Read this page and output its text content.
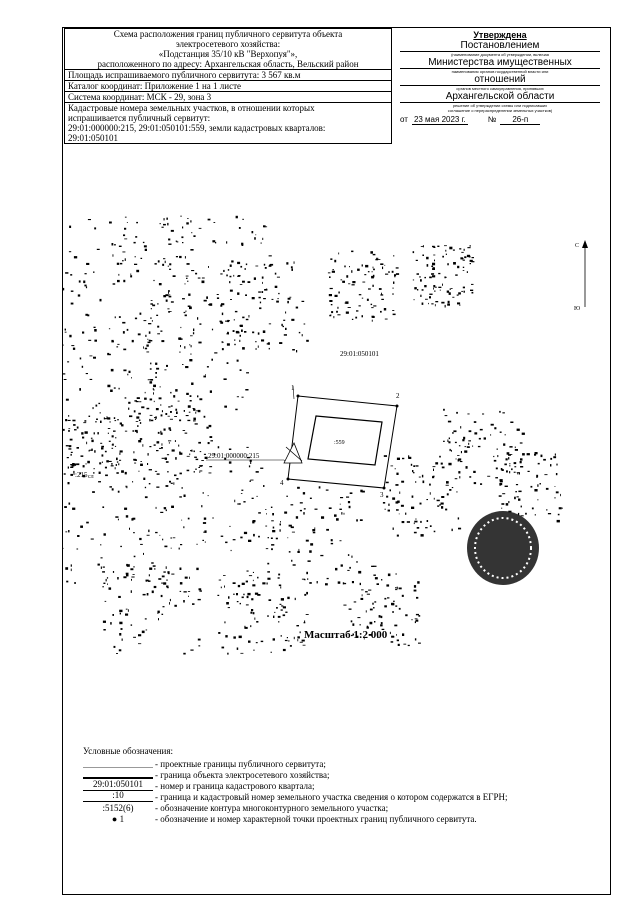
Схема расположения границ публичного сервитута объекта
электросетевого хозяйства:
«Подстанция 35/10 кВ "Верхопуя"»,
расположенного по адресу: Архангельская область, Вельский район

Площадь испрашиваемого публичного сервитута: 3 567 кв.м
Каталог координат: Приложение 1 на 1 листе
Система координат: МСК - 29, зона 3

Кадастровые номера земельных участков, в отношении которых
испрашивается публичный сервитут:
29:01:000000:215, 29:01:050101:559, земли кадастровых кварталов:
29:01:050101
Утверждена
Постановлением
(наименование документа об утверждении, включая
Министерства имущественных
наименования органов государственной власти или
отношений
органов местного самоуправления, принявших
Архангельской области
решение об утверждении схемы или подписавших
соглашение о перераспределении земельных участков)
от 23 мая 2023 г.	№	26-п
1
2
3
4
29:01:000000:215
:559
29:01:050101
:215 сл
С
Ю
Масштаб 1:2 000
Условные обозначения:
- проектные границы публичного сервитута;
- граница объекта электросетевого хозяйства;
29:01:050101	- номер и граница кадастрового квартала;
:10	- граница и кадастровый номер земельного участка сведения о котором содержатся в ЕГРН;
:5152(6)	- обозначение контура многоконтурного земельного участка;
● 1	- обозначение и номер характерной точки проектных границ публичного сервитута.
